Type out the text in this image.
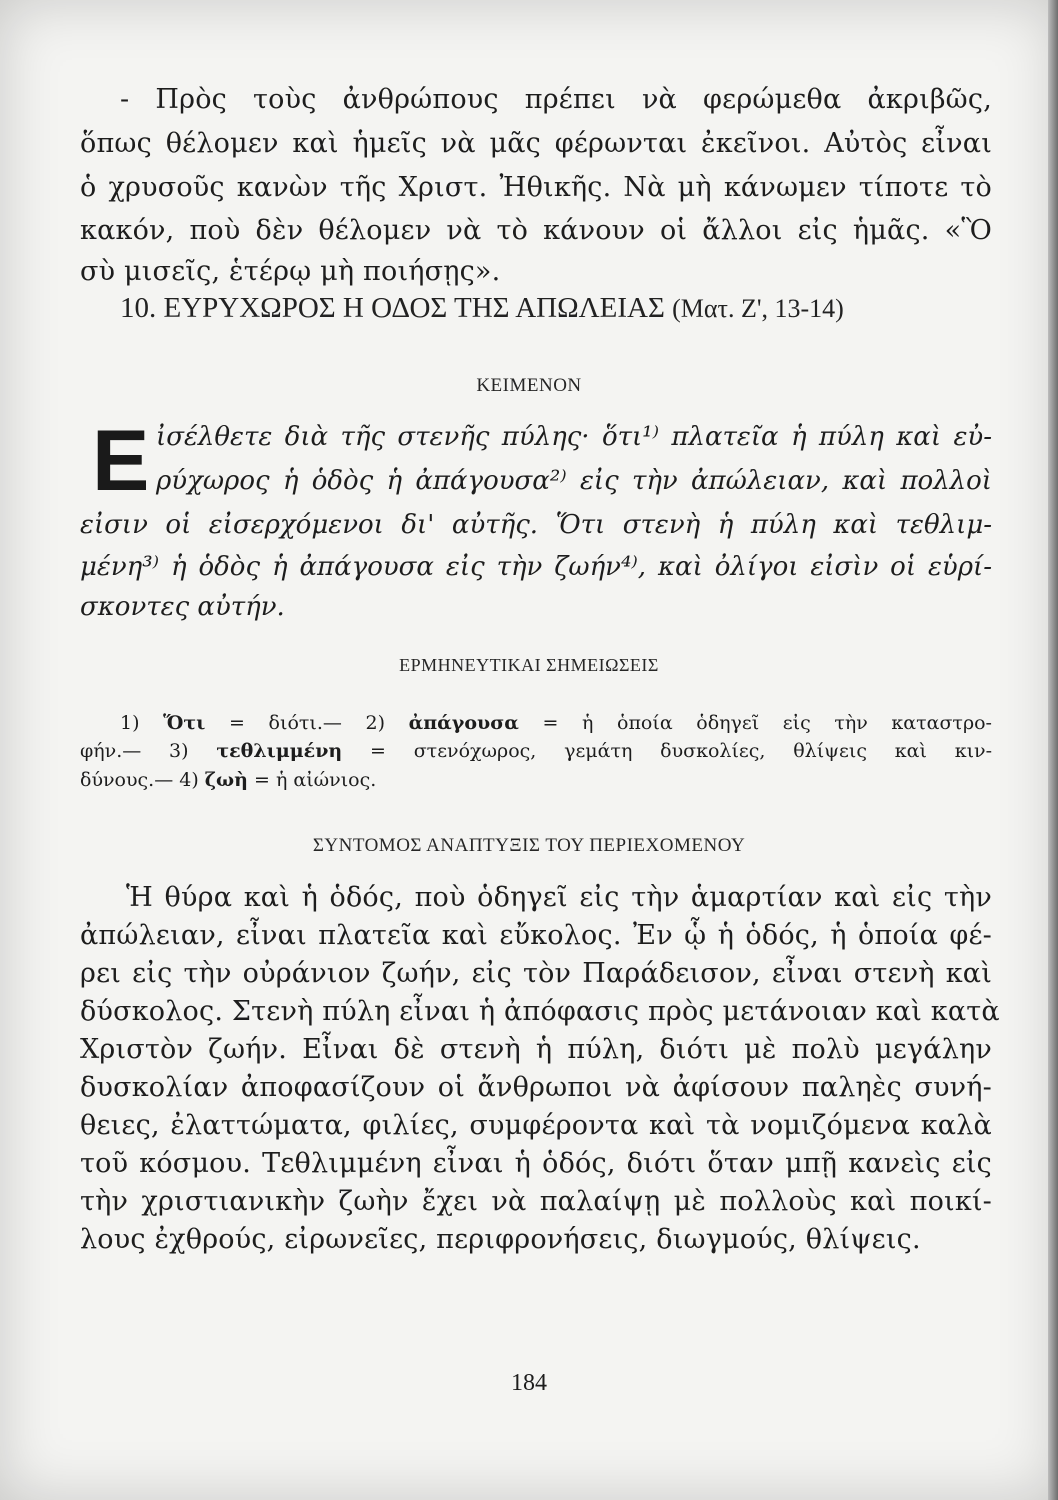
- Πρὸς τοὺς ἀνθρώπους πρέπει νὰ φερώμεθα ἀκριβῶς,
ὅπως θέλομεν καὶ ἡμεῖς νὰ μᾶς φέρωνται ἐκεῖνοι. Αὐτὸς εἶναι
ὁ χρυσοῦς κανὼν τῆς Χριστ. Ἠθικῆς. Νὰ μὴ κάνωμεν τίποτε τὸ
κακόν, ποὺ δὲν θέλομεν νὰ τὸ κάνουν οἱ ἄλλοι εἰς ἡμᾶς. «Ὃ
σὺ μισεῖς, ἑτέρῳ μὴ ποιήσῃς».
10. ΕΥΡΥΧΩΡΟΣ Η ΟΔΟΣ ΤΗΣ ΑΠΩΛΕΙΑΣ (Ματ. Ζ', 13-14)
ΚΕΙΜΕΝΟΝ
Ε ἰσέλθετε διὰ τῆς στενῆς πύλης· ὅτι¹⁾ πλατεῖα ἡ πύλη καὶ εὐ-
ρύχωρος ἡ ὁδὸς ἡ ἀπάγουσα²⁾ εἰς τὴν ἀπώλειαν, καὶ πολλοὶ
εἰσιν οἱ εἰσερχόμενοι δι' αὐτῆς. Ὅτι στενὴ ἡ πύλη καὶ τεθλιμ-
μένη³⁾ ἡ ὁδὸς ἡ ἀπάγουσα εἰς τὴν ζωήν⁴⁾, καὶ ὀλίγοι εἰσὶν οἱ εὑρί-
σκοντες αὐτήν.
ΕΡΜΗΝΕΥΤΙΚΑΙ ΣΗΜΕΙΩΣΕΙΣ
1) Ὅτι = διότι.— 2) ἀπάγουσα = ἡ ὁποία ὁδηγεῖ εἰς τὴν καταστρο-
φήν.— 3) τεθλιμμένη = στενόχωρος, γεμάτη δυσκολίες, θλίψεις καὶ κιν-
δύνους.— 4) ζωὴ = ἡ αἰώνιος.
ΣΥΝΤΟΜΟΣ ΑΝΑΠΤΥΞΙΣ ΤΟΥ ΠΕΡΙΕΧΟΜΕΝΟΥ
Ἡ θύρα καὶ ἡ ὁδός, ποὺ ὁδηγεῖ εἰς τὴν ἁμαρτίαν καὶ εἰς τὴν
ἀπώλειαν, εἶναι πλατεῖα καὶ εὔκολος. Ἐν ᾧ ἡ ὁδός, ἡ ὁποία φέ-
ρει εἰς τὴν οὐράνιον ζωήν, εἰς τὸν Παράδεισον, εἶναι στενὴ καὶ
δύσκολος. Στενὴ πύλη εἶναι ἡ ἀπόφασις πρὸς μετάνοιαν καὶ κατὰ
Χριστὸν ζωήν. Εἶναι δὲ στενὴ ἡ πύλη, διότι μὲ πολὺ μεγάλην
δυσκολίαν ἀποφασίζουν οἱ ἄνθρωποι νὰ ἀφίσουν παληὲς συνή-
θειες, ἐλαττώματα, φιλίες, συμφέροντα καὶ τὰ νομιζόμενα καλὰ
τοῦ κόσμου. Τεθλιμμένη εἶναι ἡ ὁδός, διότι ὅταν μπῇ κανεὶς εἰς
τὴν χριστιανικὴν ζωὴν ἔχει νὰ παλαίψῃ μὲ πολλοὺς καὶ ποικί-
λους ἐχθρούς, εἰρωνεῖες, περιφρονήσεις, διωγμούς, θλίψεις.
184
